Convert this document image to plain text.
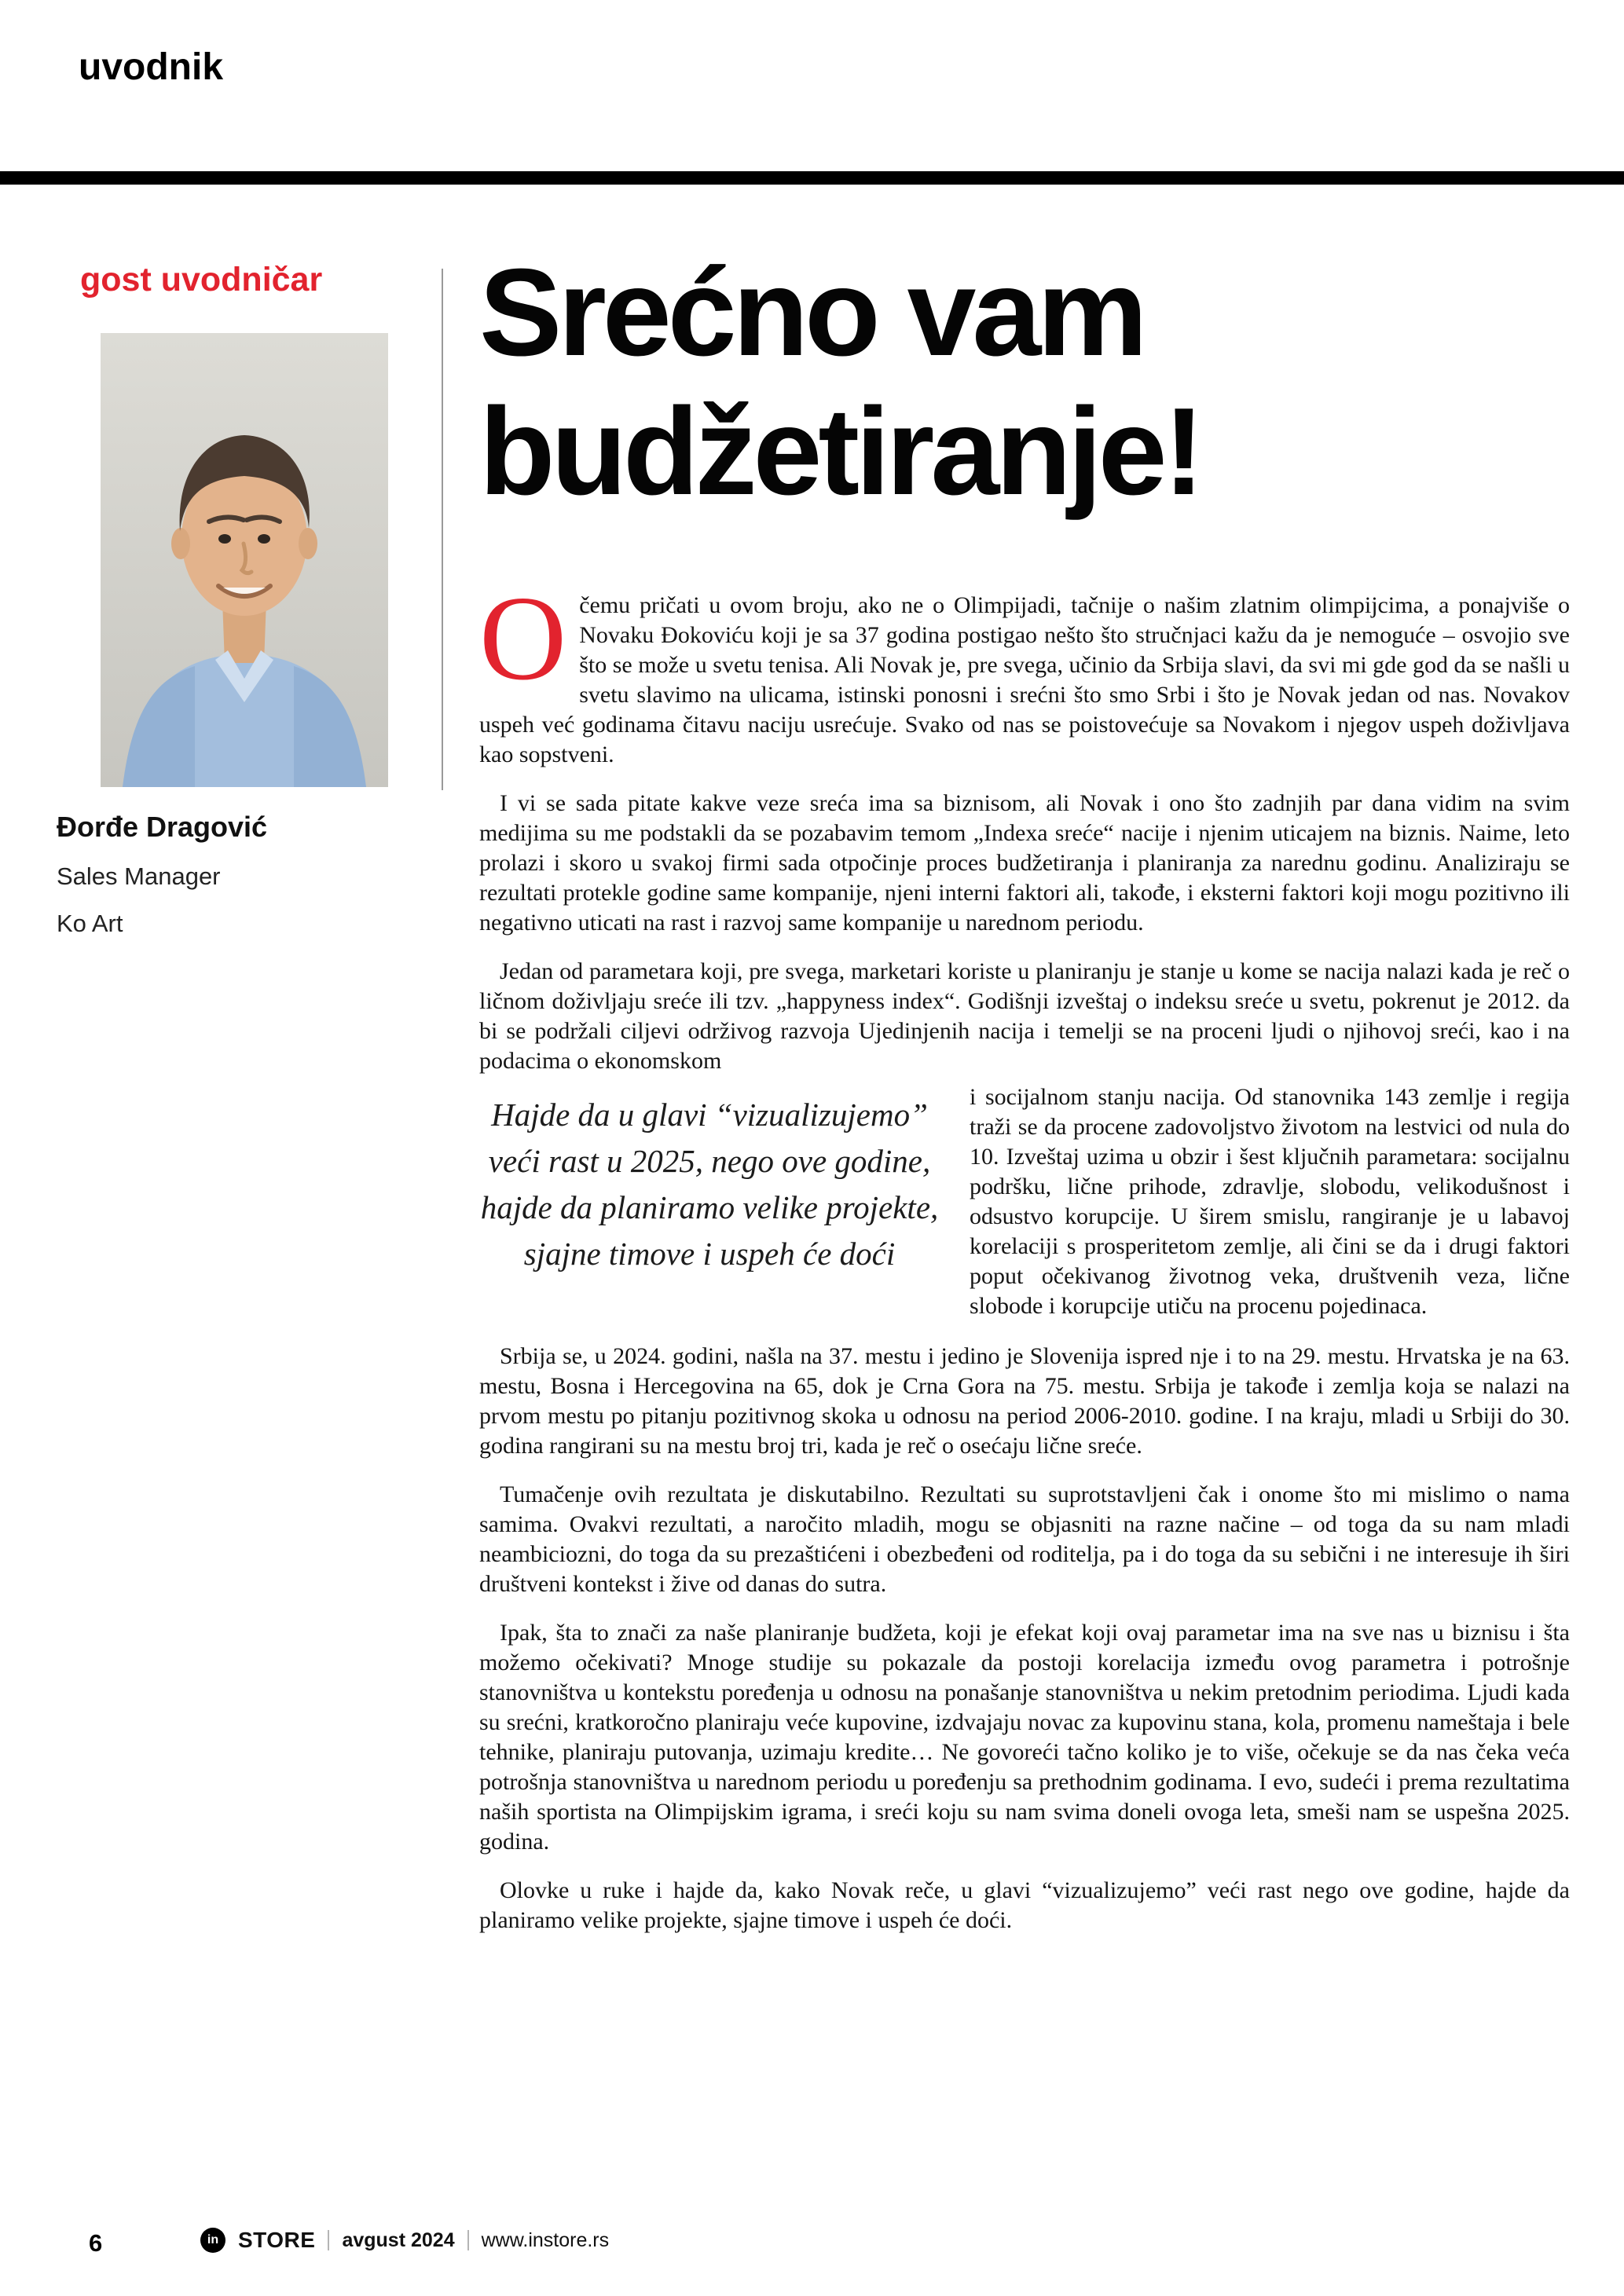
uvodnik
gost uvodničar
Đorđe Dragović
Sales Manager
Ko Art
Srećno vam
budžetiranje!

Očemu pričati u ovom broju, ako ne o Olimpijadi, tačnije o našim zlatnim olimpijcima, a ponajviše o Novaku Đokoviću koji je sa 37 godina postigao nešto što stručnjaci kažu da je nemoguće – osvojio sve što se može u svetu tenisa. Ali Novak je, pre svega, učinio da Srbija slavi, da svi mi gde god da se našli u svetu slavimo na ulicama, istinski ponosni i srećni što smo Srbi i što je Novak jedan od nas. Novakov uspeh već godinama čitavu naciju usrećuje. Svako od nas se poistovećuje sa Novakom i njegov uspeh doživljava kao sopstveni.

I vi se sada pitate kakve veze sreća ima sa biznisom, ali Novak i ono što zadnjih par dana vidim na svim medijima su me podstakli da se pozabavim temom „Indexa sreće“ nacije i njenim uticajem na biznis. Naime, leto prolazi i skoro u svakoj firmi sada otpočinje proces budžetiranja i planiranja za narednu godinu. Analiziraju se rezultati protekle godine same kompanije, njeni interni faktori ali, takođe, i eksterni faktori koji mogu pozitivno ili negativno uticati na rast i razvoj same kompanije u narednom periodu.

Jedan od parametara koji, pre svega, marketari koriste u planiranju je stanje u kome se nacija nalazi kada je reč o ličnom doživljaju sreće ili tzv. „happyness index“. Godišnji izveštaj o indeksu sreće u svetu, pokrenut je 2012. da bi se podržali ciljevi održivog razvoja Ujedinjenih nacija i temelji se na proceni ljudi o njihovoj sreći, kao i na podacima o ekonomskom

Hajde da u glavi “vizualizujemo” veći rast u 2025, nego ove godine, hajde da planiramo velike projekte, sjajne timove i uspeh će doći
i socijalnom stanju nacija. Od stanovnika 143 zemlje i regija traži se da procene zadovoljstvo životom na lestvici od nula do 10. Izveštaj uzima u obzir i šest ključnih parametara: socijalnu podršku, lične prihode, zdravlje, slobodu, velikodušnost i odsustvo korupcije. U širem smislu, rangiranje je u labavoj korelaciji s prosperitetom zemlje, ali čini se da i drugi faktori poput očekivanog životnog veka, društvenih veza, lične slobode i korupcije utiču na procenu pojedinaca.

Srbija se, u 2024. godini, našla na 37. mestu i jedino je Slovenija ispred nje i to na 29. mestu. Hrvatska je na 63. mestu, Bosna i Hercegovina na 65, dok je Crna Gora na 75. mestu. Srbija je takođe i zemlja koja se nalazi na prvom mestu po pitanju pozitivnog skoka u odnosu na period 2006-2010. godine. I na kraju, mladi u Srbiji do 30. godina rangirani su na mestu broj tri, kada je reč o osećaju lične sreće.

Tumačenje ovih rezultata je diskutabilno. Rezultati su suprotstavljeni čak i onome što mi mislimo o nama samima. Ovakvi rezultati, a naročito mladih, mogu se objasniti na razne načine – od toga da su nam mladi neambiciozni, do toga da su prezaštićeni i obezbeđeni od roditelja, pa i do toga da su sebični i ne interesuje ih širi društveni kontekst i žive od danas do sutra.

Ipak, šta to znači za naše planiranje budžeta, koji je efekat koji ovaj parametar ima na sve nas u biznisu i šta možemo očekivati? Mnoge studije su pokazale da postoji korelacija između ovog parametra i potrošnje stanovništva u kontekstu poređenja u odnosu na ponašanje stanovništva u nekim pretodnim periodima. Ljudi kada su srećni, kratkoročno planiraju veće kupovine, izdvajaju novac za kupovinu stana, kola, promenu nameštaja i bele tehnike, planiraju putovanja, uzimaju kredite… Ne govoreći tačno koliko je to više, očekuje se da nas čeka veća potrošnja stanovništva u narednom periodu u poređenju sa prethodnim godinama. I evo, sudeći i prema rezultatima naših sportista na Olimpijskim igrama, i sreći koju su nam svima doneli ovoga leta, smeši nam se uspešna 2025. godina.

Olovke u ruke i hajde da, kako Novak reče, u glavi “vizualizujemo” veći rast nego ove godine, hajde da planiramo velike projekte, sjajne timove i uspeh će doći.

6	in STORE avgust 2024 www.instore.rs
